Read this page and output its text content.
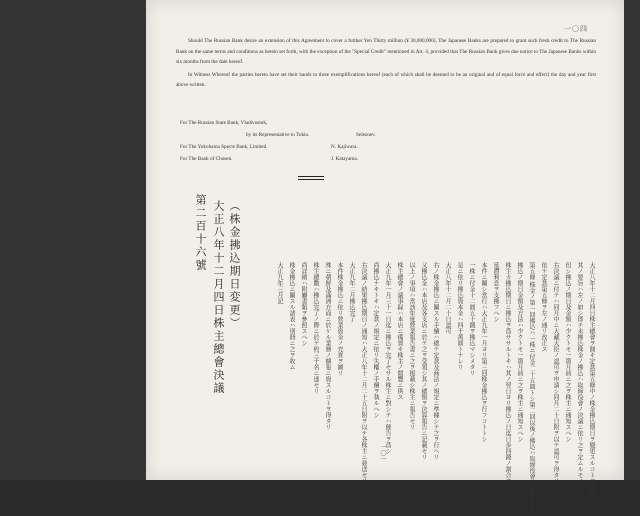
一〇四

Should The Russian Bank desire an extension of this Agreement to cover a further Yen Thirty million (¥ 30,000,000), The Japanese Banks are prepared to grant such fresh credit to The Russian Bank on the same terms and conditions as herein set forth, with the exception of the "Special Credit" mentioned in Art. 4, provided that The Russian Bank gives due notice to The Japanese Banks within six months from the date hereof.

In Witness Whereof the parties hereto have set their hands to three exemplifications hereof (each of which shall be deemed to be an original and of equal force and effect) the day and year first above written.

For The Russian State Bank, Vladivostok,
by its Representative in Tokio.	Seleznev.
For The Yokohama Specie Bank, Limited.	N. Kajiwara.
For The Bank of Chosen.	J. Katayama.
第二百十六號 大正八年十二月四日株主總會決議 （株金拂込期日変更）	大正八年十二月四日株主總會ヲ開キ定款第五條中ノ株金拂込期日ヲ變更スルコトヲ決議シ
其ノ要旨ハ左ノ如シ即チ未拂込株金ノ拂込ハ取締役會ノ決議ニ依リ之ヲ定ムルモノトス
但シ拂込ノ期日及金額ハ少クトモ一箇月前ニ之ヲ株主ニ通知スヘシ
右決議ニ付テハ同月中ニ大藏大臣ノ認可ヲ申請シ同月二十日附ヲ以テ認可ヲ得タリ
依テ定款第五條ヲ左ノ通リ改正ス
第五條 株金ノ第一回拂込ハ一株ニ付金二十五圓トシ第二回以後ノ拂込ハ取締役會ノ決議ニ依ル
拂込ノ期日金額及方法ハ少クトモ一箇月前ニ之ヲ株主ニ通知スヘシ
株主カ拂込期日ニ拂込ヲ爲ササルトキハ其ノ翌日ヨリ拂込ノ日迄日歩四錢ノ割合ヲ以テ
延滯利息ヲ支拂フヘシ
本件ニ關シ當行ハ大正九年一月ヨリ第三回株金拂込ヲ行フコトトシ
一株ニ付金十二圓五十錢ヲ拂込マシメタリ
是ニ依リ拂込資本金ハ四千萬圓トナレリ
大正八年十二月二十日認可
右ノ株金拂込ニ關スル手續ハ總テ定款及商法ノ規定ニ準據シテ之ヲ行ヘリ
又拂込金ハ本店及各支店ニ於テ之ヲ受領シ其ノ總額ヲ決算報告ニ記載セリ
以上ノ事項ハ當該年度營業報告書ニ之ヲ掲載シ株主ニ報告セリ
株主總會ノ議事録ハ本店ニ備置キ株主ノ閲覽ニ供ス
大正九年一月三十一日迄ニ拂込ヲ完了セサル株主ニ對シテハ催告ヲ爲シ
尚拂込ナキトキハ定款ノ規定ニ依リ失權ノ手續ヲ執ルヘシ
右決議ノ結果拂込期日ノ通知ハ大正八年十二月二十五日附ヲ以テ各株主ニ發送セリ
大正九年二月拂込完了
本件株金拂込ニ依リ營業資金ノ充實ヲ圖リ
殊ニ朝鮮及滿洲方面ニ於ケル業務ノ擴張ニ資スルコトヲ得タリ
株主總數ハ拂込完了ノ際ニ於テ約三千名ニ達セリ
尚詳細ハ附屬書類ヲ參照スヘシ
株金拂込ニ關スル諸表ハ別冊ニ之ヲ收ム
大正九年三月記
一〇一
